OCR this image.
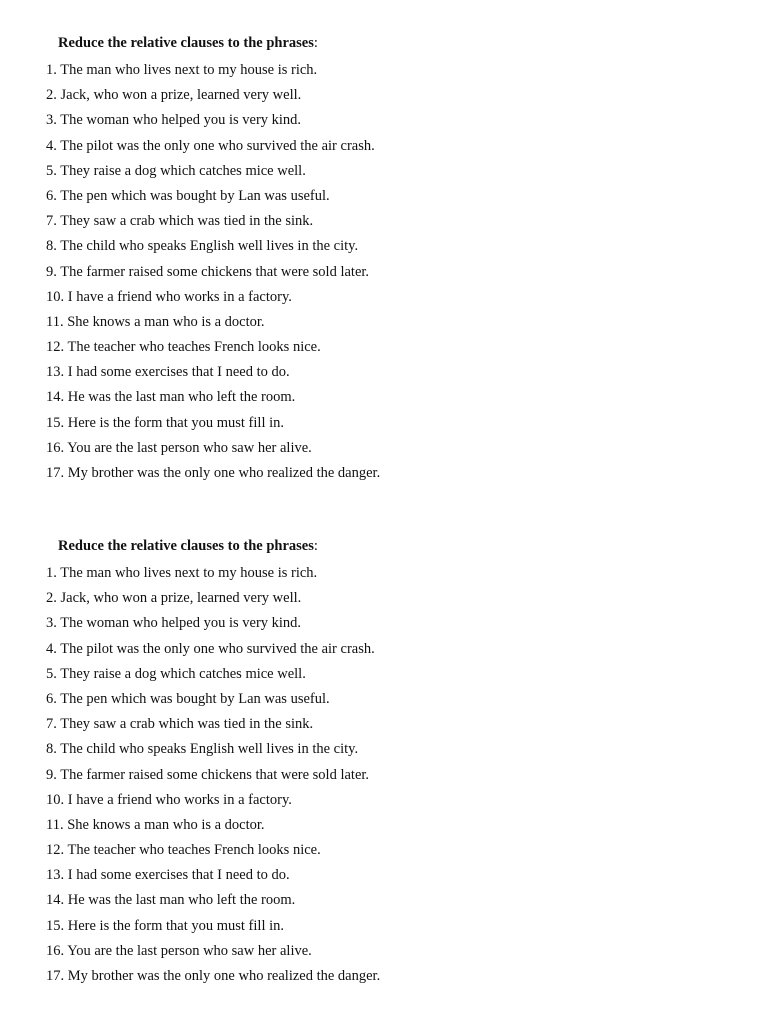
Reduce the relative clauses to the phrases:

1. The man who lives next to my house is rich.
2. Jack, who won a prize, learned very well.
3. The woman who helped you is very kind.
4. The pilot was the only one who survived the air crash.
5. They raise a dog which catches mice well.
6. The pen which was bought by Lan was useful.
7. They saw a crab which was tied in the sink.
8. The child who speaks English well lives in the city.
9. The farmer raised some chickens that were sold later.
10. I have a friend who works in a factory.
11. She knows a man who is a doctor.
12. The teacher who teaches French looks nice.
13. I had some exercises that I need to do.
14. He was the last man who left the room.
15. Here is the form that you must fill in.
16. You are the last person who saw her alive.
17. My brother was the only one who realized the danger.

Reduce the relative clauses to the phrases:

1. The man who lives next to my house is rich.
2. Jack, who won a prize, learned very well.
3. The woman who helped you is very kind.
4. The pilot was the only one who survived the air crash.
5. They raise a dog which catches mice well.
6. The pen which was bought by Lan was useful.
7. They saw a crab which was tied in the sink.
8. The child who speaks English well lives in the city.
9. The farmer raised some chickens that were sold later.
10. I have a friend who works in a factory.
11. She knows a man who is a doctor.
12. The teacher who teaches French looks nice.
13. I had some exercises that I need to do.
14. He was the last man who left the room.
15. Here is the form that you must fill in.
16. You are the last person who saw her alive.
17. My brother was the only one who realized the danger.
